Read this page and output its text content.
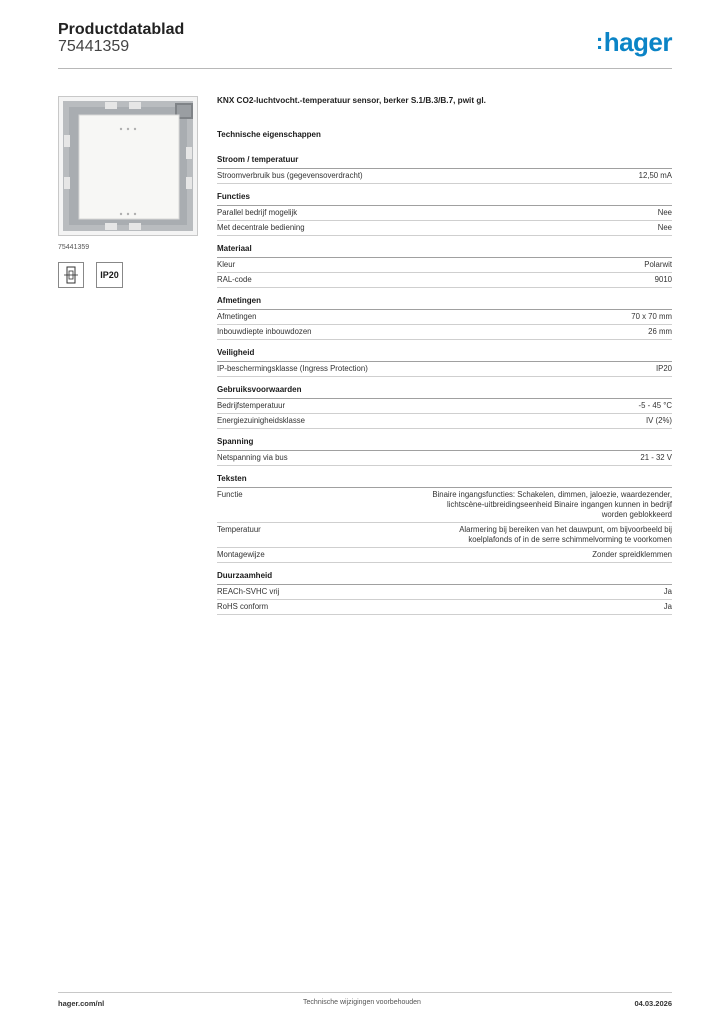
Productdatablad
75441359	:hager
75441359
IP20
KNX CO2-luchtvocht.-temperatuur sensor, berker S.1/B.3/B.7, pwit gl.
Technische eigenschappen
Stroom / temperatuur
Stroomverbruik bus (gegevensoverdracht)	12,50 mA
Functies
Parallel bedrijf mogelijk	Nee
Met decentrale bediening	Nee
Materiaal
Kleur	Polarwit
RAL-code	9010
Afmetingen
Afmetingen	70 x 70 mm
Inbouwdiepte inbouwdozen	26 mm
Veiligheid
IP-beschermingsklasse (Ingress Protection)	IP20
Gebruiksvoorwaarden
Bedrijfstemperatuur	-5 - 45 °C
Energiezuinigheidsklasse	IV (2%)
Spanning
Netspanning via bus	21 - 32 V
Teksten
Functie	Binaire ingangsfuncties: Schakelen, dimmen, jaloezie, waardezender, lichtscène-uitbreidingseenheid Binaire ingangen kunnen in bedrijf worden geblokkeerd
Temperatuur	Alarmering bij bereiken van het dauwpunt, om bijvoorbeeld bij koelplafonds of in de serre schimmelvorming te voorkomen
Montagewijze	Zonder spreidklemmen
Duurzaamheid
REACh-SVHC vrij	Ja
RoHS conform	Ja
hager.com/nl	Technische wijzigingen voorbehouden	04.03.2026
